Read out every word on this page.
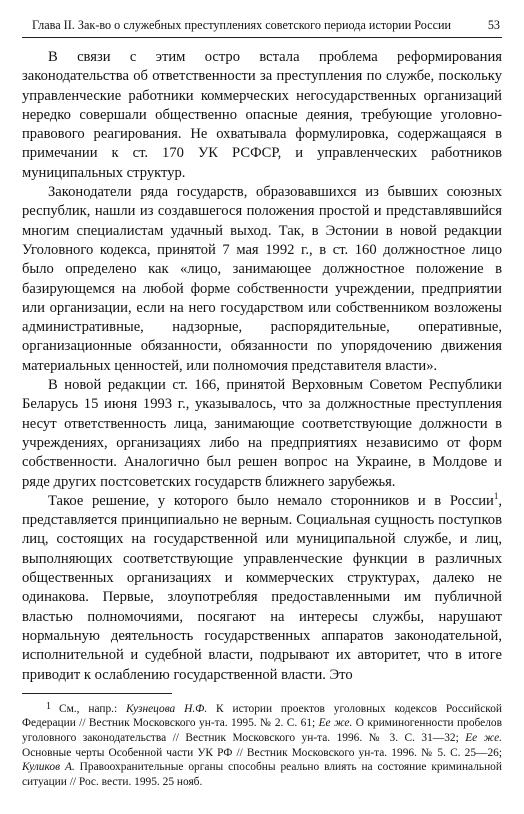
Глава II. Зак-во о служебных преступлениях советского периода истории России	53

В связи с этим остро встала проблема реформирования законодательства об ответственности за преступления по службе, поскольку управленческие работники коммерческих негосударственных организаций нередко совершали общественно опасные деяния, требующие уголовно-правового реагирования. Не охватывала формулировка, содержащаяся в примечании к ст. 170 УК РСФСР, и управленческих работников муниципальных структур.

Законодатели ряда государств, образовавшихся из бывших союзных республик, нашли из создавшегося положения простой и представлявшийся многим специалистам удачный выход. Так, в Эстонии в новой редакции Уголовного кодекса, принятой 7 мая 1992 г., в ст. 160 должностное лицо было определено как «лицо, занимающее должностное положение в базирующемся на любой форме собственности учреждении, предприятии или организации, если на него государством или собственником возложены административные, надзорные, распорядительные, оперативные, организационные обязанности, обязанности по упорядочению движения материальных ценностей, или полномочия представителя власти».

В новой редакции ст. 166, принятой Верховным Советом Республики Беларусь 15 июня 1993 г., указывалось, что за должностные преступления несут ответственность лица, занимающие соответствующие должности в учреждениях, организациях либо на предприятиях независимо от форм собственности. Аналогично был решен вопрос на Украине, в Молдове и ряде других постсоветских государств ближнего зарубежья.

Такое решение, у которого было немало сторонников и в России$^1$, представляется принципиально не верным. Социальная сущность поступков лиц, состоящих на государственной или муниципальной службе, и лиц, выполняющих соответствующие управленческие функции в различных общественных организациях и коммерческих структурах, далеко не одинакова. Первые, злоупотребляя предоставленными им публичной властью полномочиями, посягают на интересы службы, нарушают нормальную деятельность государственных аппаратов законодательной, исполнительной и судебной власти, подрывают их авторитет, что в итоге приводит к ослаблению государственной власти. Это

1 См., напр.: Кузнецова Н.Ф. К истории проектов уголовных кодексов Российской Федерации // Вестник Московского ун-та. 1995. № 2. С. 61; Ее же. О криминогенности пробелов уголовного законодательства // Вестник Московского ун-та. 1996. № 3. С. 31—32; Ее же. Основные черты Особенной части УК РФ // Вестник Московского ун-та. 1996. № 5. С. 25—26; Куликов А. Правоохранительные органы способны реально влиять на состояние криминальной ситуации // Рос. вести. 1995. 25 нояб.
